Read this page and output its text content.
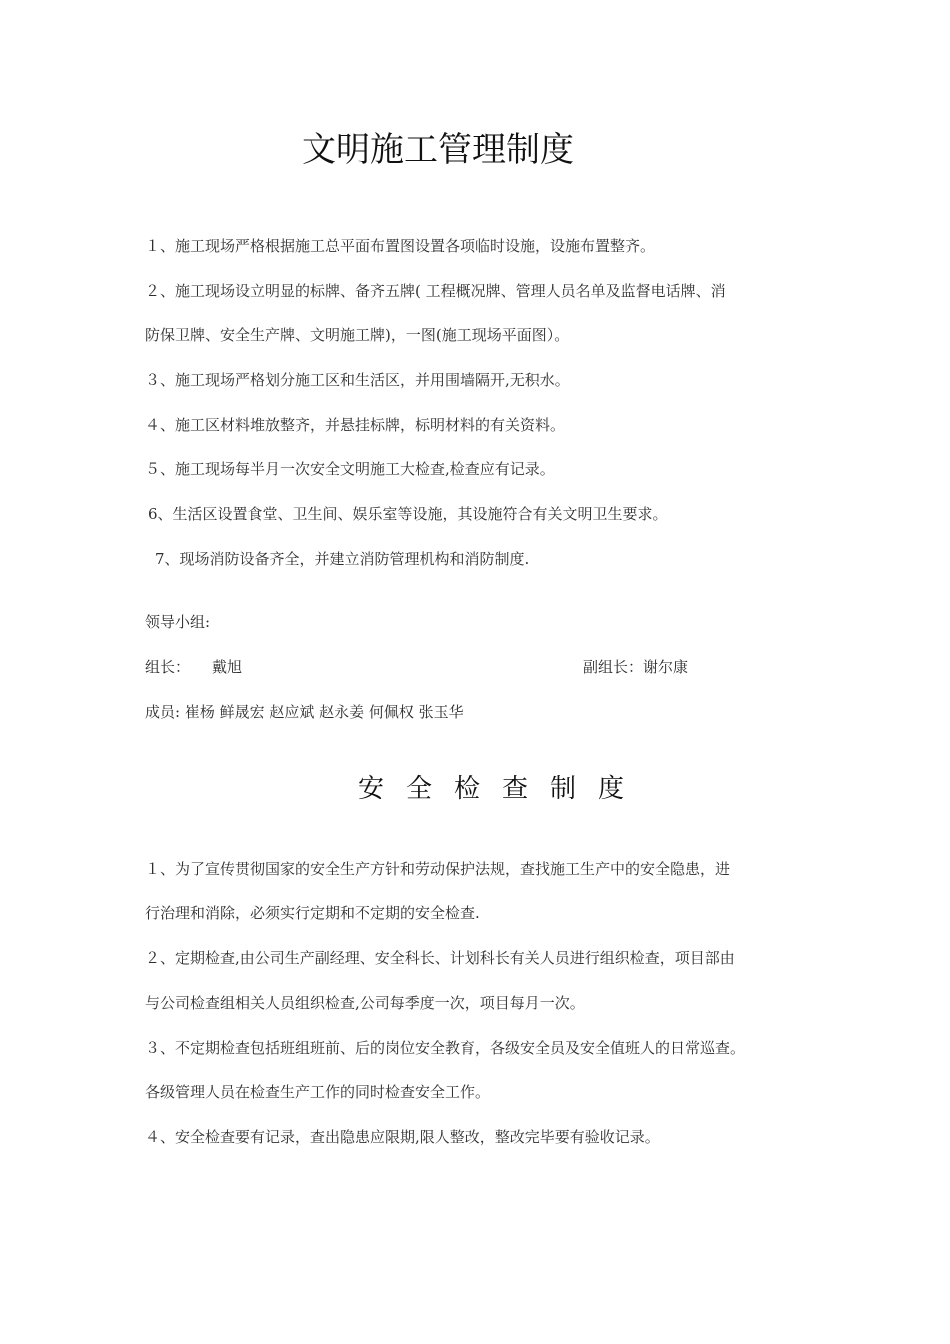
文明施工管理制度
１、施工现场严格根据施工总平面布置图设置各项临时设施，设施布置整齐。
２、施工现场设立明显的标牌、备齐五牌( 工程概况牌、管理人员名单及监督电话牌、消
防保卫牌、安全生产牌、文明施工牌)，一图(施工现场平面图）。
３、施工现场严格划分施工区和生活区，并用围墙隔开,无积水。
４、施工区材料堆放整齐，并悬挂标牌，标明材料的有关资料。
５、施工现场每半月一次安全文明施工大检查,检查应有记录。
6、生活区设置食堂、卫生间、娱乐室等设施，其设施符合有关文明卫生要求。
7、现场消防设备齐全，并建立消防管理机构和消防制度.
领导小组:
组长： 戴旭	副组长：谢尔康
成员: 崔杨 鲜晟宏 赵应斌 赵永姜 何佩权 张玉华
安全检查制度
１、为了宣传贯彻国家的安全生产方针和劳动保护法规，查找施工生产中的安全隐患，进
行治理和消除，必须实行定期和不定期的安全检查.
２、定期检查,由公司生产副经理、安全科长、计划科长有关人员进行组织检查，项目部由
与公司检查组相关人员组织检查,公司每季度一次，项目每月一次。
３、不定期检查包括班组班前、后的岗位安全教育，各级安全员及安全值班人的日常巡查。
各级管理人员在检查生产工作的同时检查安全工作。
４、安全检查要有记录，查出隐患应限期,限人整改，整改完毕要有验收记录。
